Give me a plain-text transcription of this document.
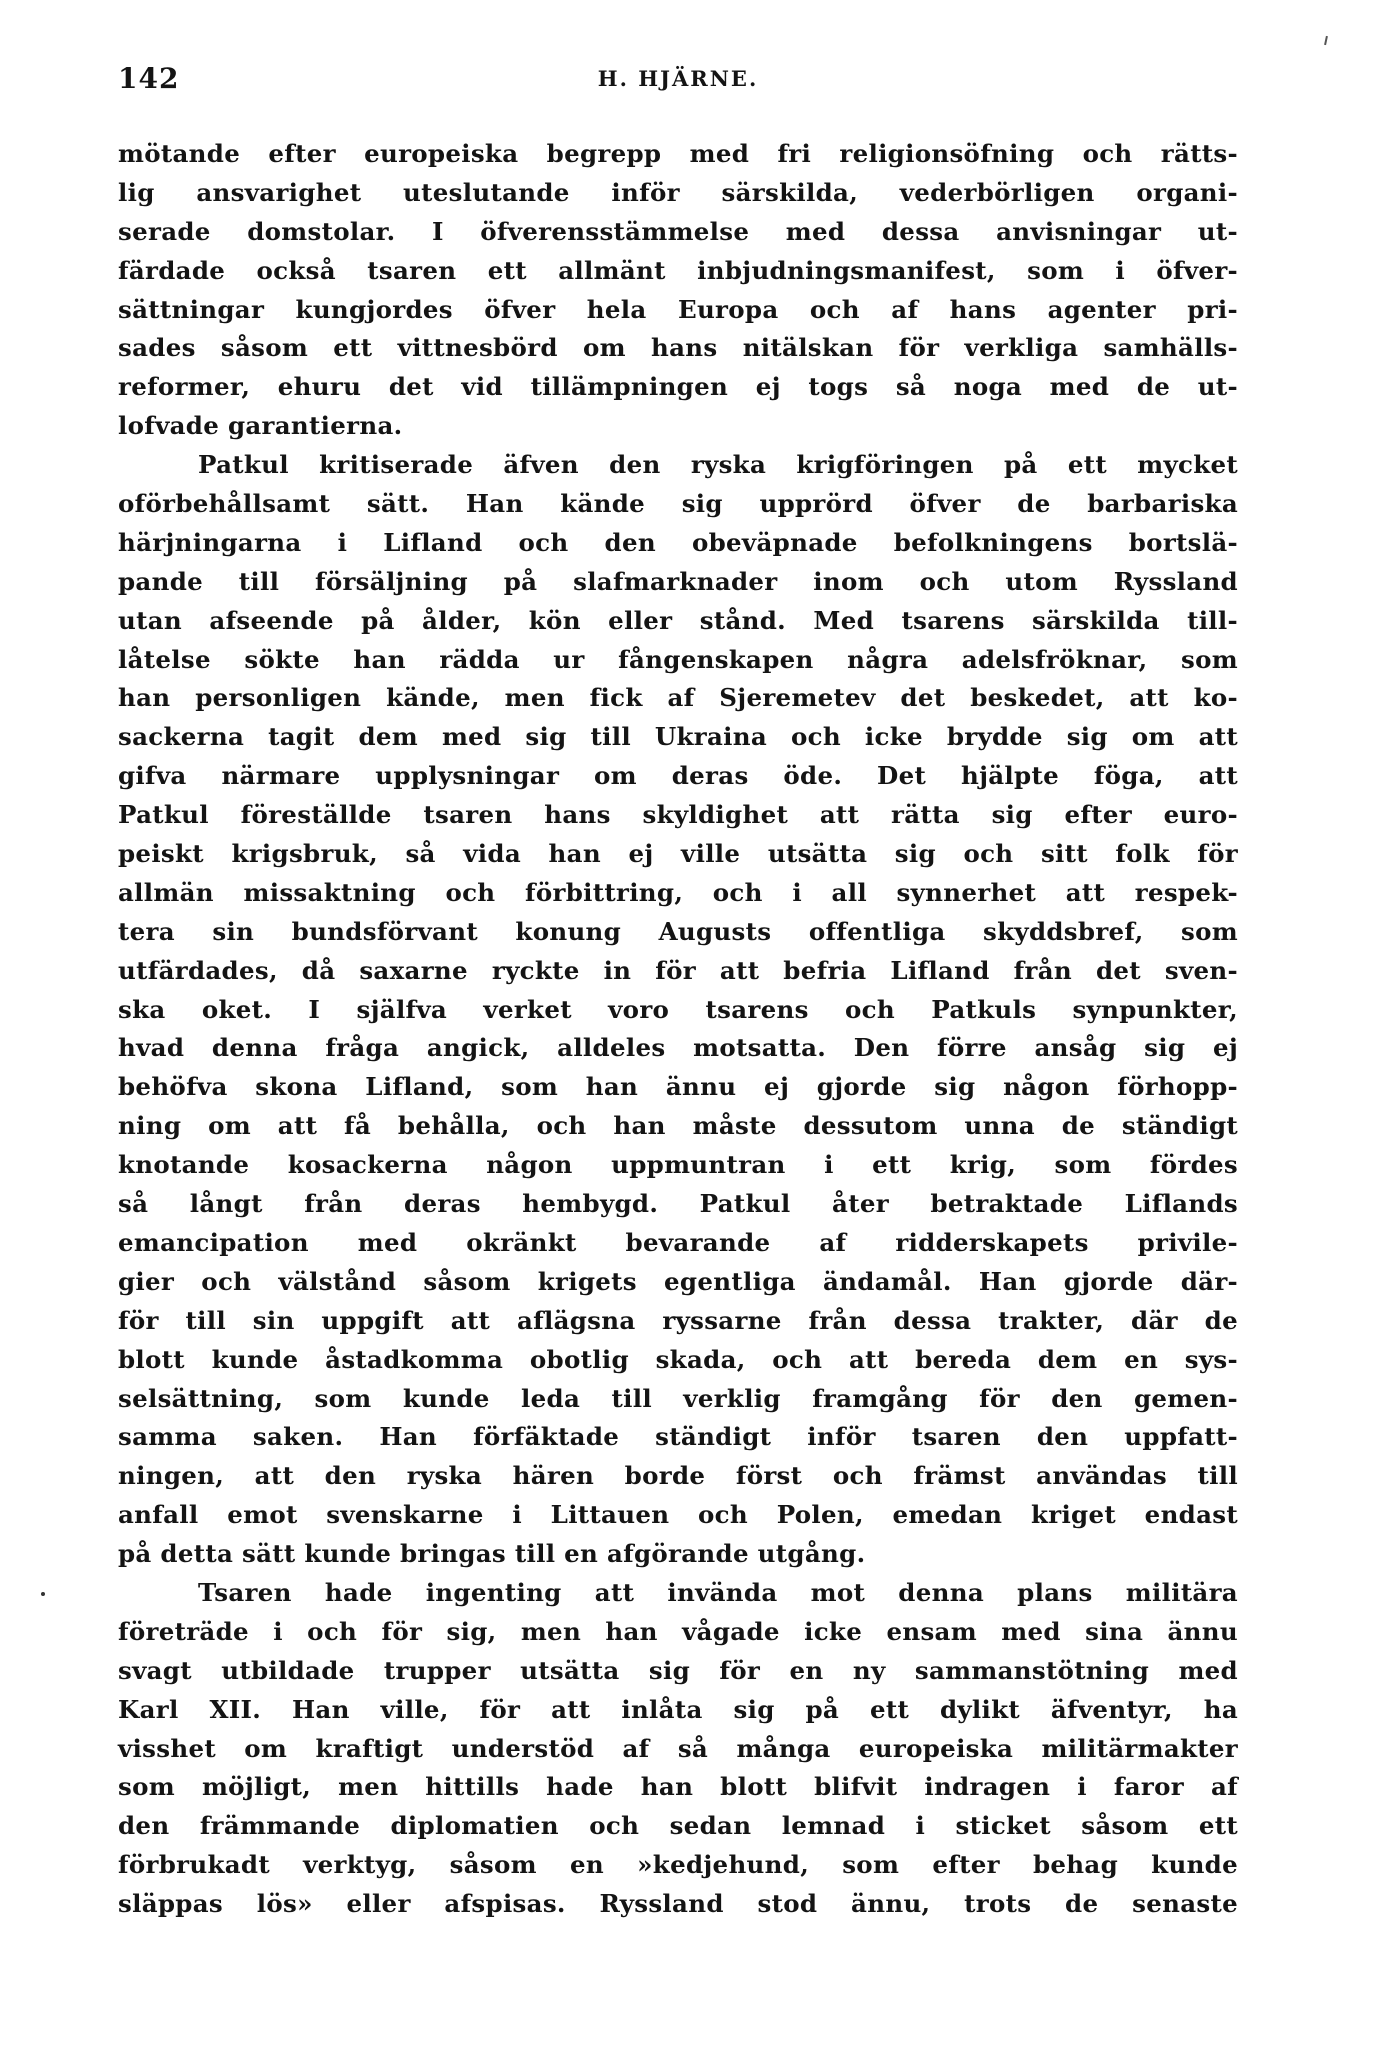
142	H. HJÄRNE.
mötande efter europeiska begrepp med fri religionsöfning och rätts-
lig ansvarighet uteslutande inför särskilda, vederbörligen organi-
serade domstolar. I öfverensstämmelse med dessa anvisningar ut-
färdade också tsaren ett allmänt inbjudningsmanifest, som i öfver-
sättningar kungjordes öfver hela Europa och af hans agenter pri-
sades såsom ett vittnesbörd om hans nitälskan för verkliga samhälls-
reformer, ehuru det vid tillämpningen ej togs så noga med de ut-
lofvade garantierna.
Patkul kritiserade äfven den ryska krigföringen på ett mycket
oförbehållsamt sätt. Han kände sig upprörd öfver de barbariska
härjningarna i Lifland och den obeväpnade befolkningens bortslä-
pande till försäljning på slafmarknader inom och utom Ryssland
utan afseende på ålder, kön eller stånd. Med tsarens särskilda till-
låtelse sökte han rädda ur fångenskapen några adelsfröknar, som
han personligen kände, men fick af Sjeremetev det beskedet, att ko-
sackerna tagit dem med sig till Ukraina och icke brydde sig om att
gifva närmare upplysningar om deras öde. Det hjälpte föga, att
Patkul föreställde tsaren hans skyldighet att rätta sig efter euro-
peiskt krigsbruk, så vida han ej ville utsätta sig och sitt folk för
allmän missaktning och förbittring, och i all synnerhet att respek-
tera sin bundsförvant konung Augusts offentliga skyddsbref, som
utfärdades, då saxarne ryckte in för att befria Lifland från det sven-
ska oket. I själfva verket voro tsarens och Patkuls synpunkter,
hvad denna fråga angick, alldeles motsatta. Den förre ansåg sig ej
behöfva skona Lifland, som han ännu ej gjorde sig någon förhopp-
ning om att få behålla, och han måste dessutom unna de ständigt
knotande kosackerna någon uppmuntran i ett krig, som fördes
så långt från deras hembygd. Patkul åter betraktade Liflands
emancipation med okränkt bevarande af ridderskapets privile-
gier och välstånd såsom krigets egentliga ändamål. Han gjorde där-
för till sin uppgift att aflägsna ryssarne från dessa trakter, där de
blott kunde åstadkomma obotlig skada, och att bereda dem en sys-
selsättning, som kunde leda till verklig framgång för den gemen-
samma saken. Han förfäktade ständigt inför tsaren den uppfatt-
ningen, att den ryska hären borde först och främst användas till
anfall emot svenskarne i Littauen och Polen, emedan kriget endast
på detta sätt kunde bringas till en afgörande utgång.
Tsaren hade ingenting att invända mot denna plans militära
företräde i och för sig, men han vågade icke ensam med sina ännu
svagt utbildade trupper utsätta sig för en ny sammanstötning med
Karl XII. Han ville, för att inlåta sig på ett dylikt äfventyr, ha
visshet om kraftigt understöd af så många europeiska militärmakter
som möjligt, men hittills hade han blott blifvit indragen i faror af
den främmande diplomatien och sedan lemnad i sticket såsom ett
förbrukadt verktyg, såsom en »kedjehund, som efter behag kunde
släppas lös» eller afspisas. Ryssland stod ännu, trots de senaste
